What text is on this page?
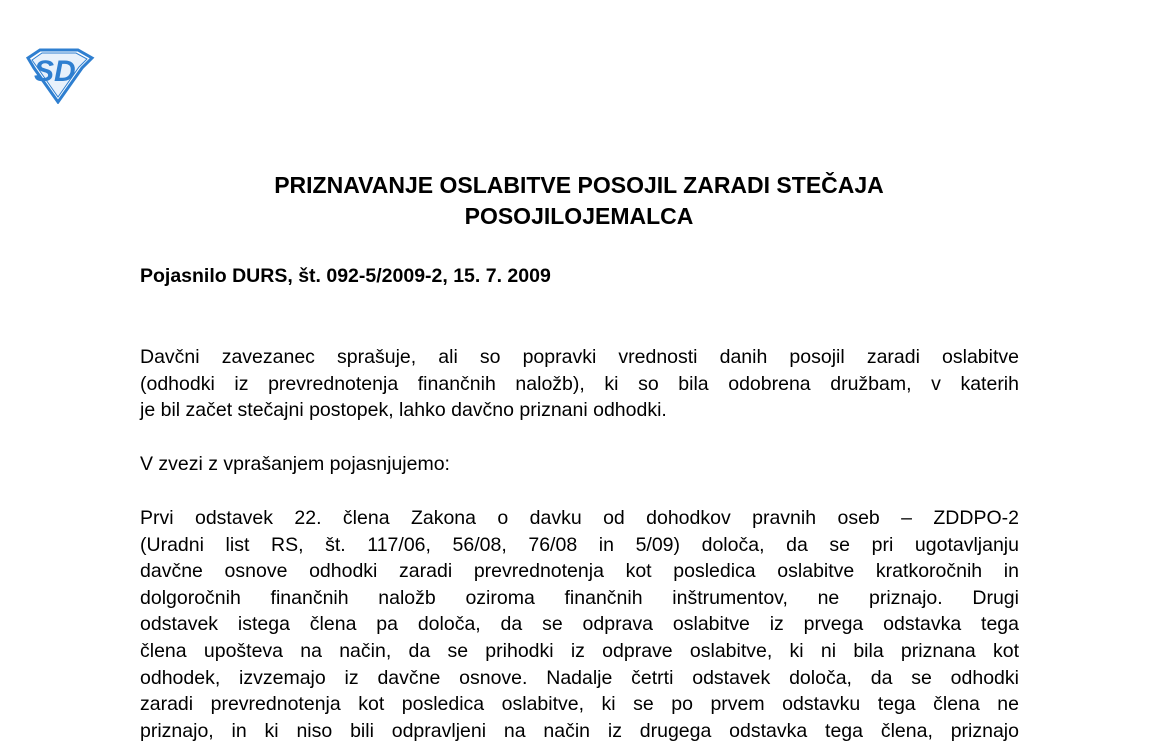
SD
PRIZNAVANJE OSLABITVE POSOJIL ZARADI STEČAJA
POSOJILOJEMALCA

Pojasnilo DURS, št. 092-5/2009-2, 15. 7. 2009

Davčni zavezanec sprašuje, ali so popravki vrednosti danih posojil zaradi oslabitve
(odhodki iz prevrednotenja finančnih naložb), ki so bila odobrena družbam, v katerih
je bil začet stečajni postopek, lahko davčno priznani odhodki.

V zvezi z vprašanjem pojasnjujemo:

Prvi odstavek 22. člena Zakona o davku od dohodkov pravnih oseb – ZDDPO-2
(Uradni list RS, št. 117/06, 56/08, 76/08 in 5/09) določa, da se pri ugotavljanju
davčne osnove odhodki zaradi prevrednotenja kot posledica oslabitve kratkoročnih in
dolgoročnih finančnih naložb oziroma finančnih inštrumentov, ne priznajo. Drugi
odstavek istega člena pa določa, da se odprava oslabitve iz prvega odstavka tega
člena upošteva na način, da se prihodki iz odprave oslabitve, ki ni bila priznana kot
odhodek, izvzemajo iz davčne osnove. Nadalje četrti odstavek določa, da se odhodki
zaradi prevrednotenja kot posledica oslabitve, ki se po prvem odstavku tega člena ne
priznajo, in ki niso bili odpravljeni na način iz drugega odstavka tega člena, priznajo
